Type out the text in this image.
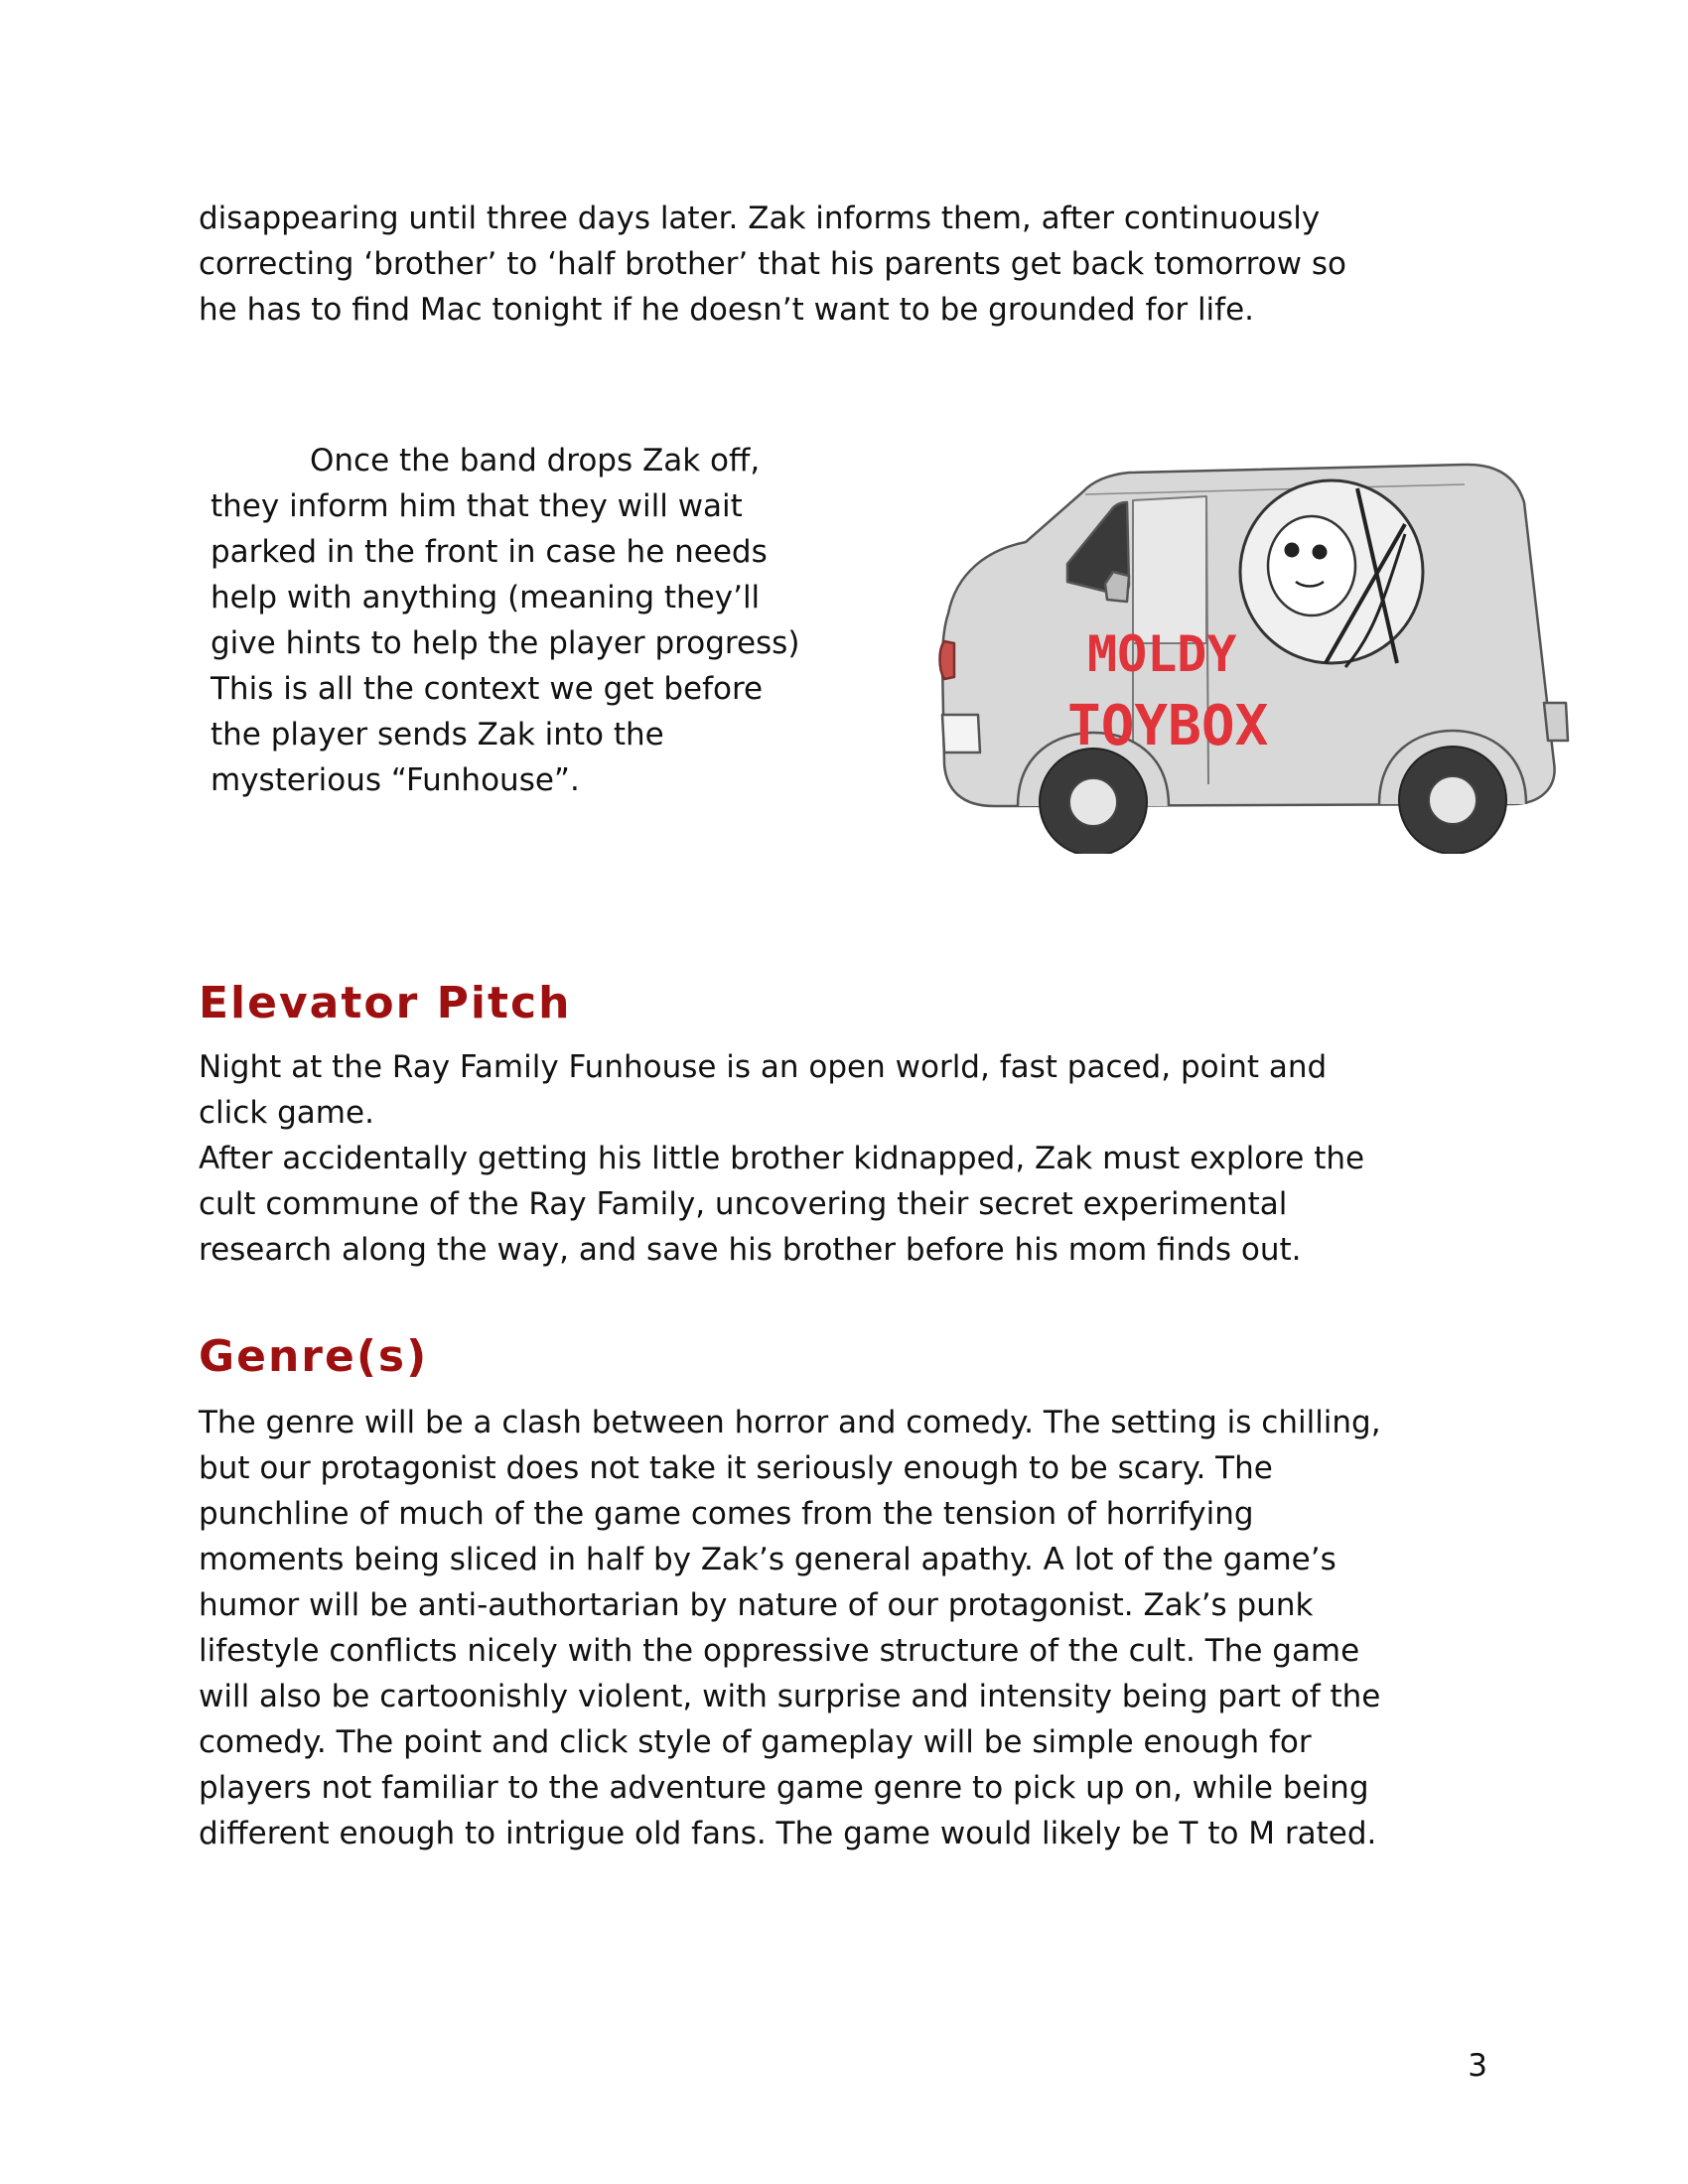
disappearing until three days later. Zak informs them, after continuously
correcting ‘brother’ to ‘half brother’ that his parents get back tomorrow so
he has to find Mac tonight if he doesn’t want to be grounded for life.
Once the band drops Zak off,
they inform him that they will wait
parked in the front in case he needs
help with anything (meaning they’ll
give hints to help the player progress)
This is all the context we get before
the player sends Zak into the
mysterious “Funhouse”.
MOLDY
TOYBOX
Elevator Pitch
Night at the Ray Family Funhouse is an open world, fast paced, point and
click game.
After accidentally getting his little brother kidnapped, Zak must explore the
cult commune of the Ray Family, uncovering their secret experimental
research along the way, and save his brother before his mom finds out.
Genre(s)
The genre will be a clash between horror and comedy. The setting is chilling,
but our protagonist does not take it seriously enough to be scary. The
punchline of much of the game comes from the tension of horrifying
moments being sliced in half by Zak’s general apathy. A lot of the game’s
humor will be anti-authortarian by nature of our protagonist. Zak’s punk
lifestyle conflicts nicely with the oppressive structure of the cult. The game
will also be cartoonishly violent, with surprise and intensity being part of the
comedy. The point and click style of gameplay will be simple enough for
players not familiar to the adventure game genre to pick up on, while being
different enough to intrigue old fans. The game would likely be T to M rated.
3
